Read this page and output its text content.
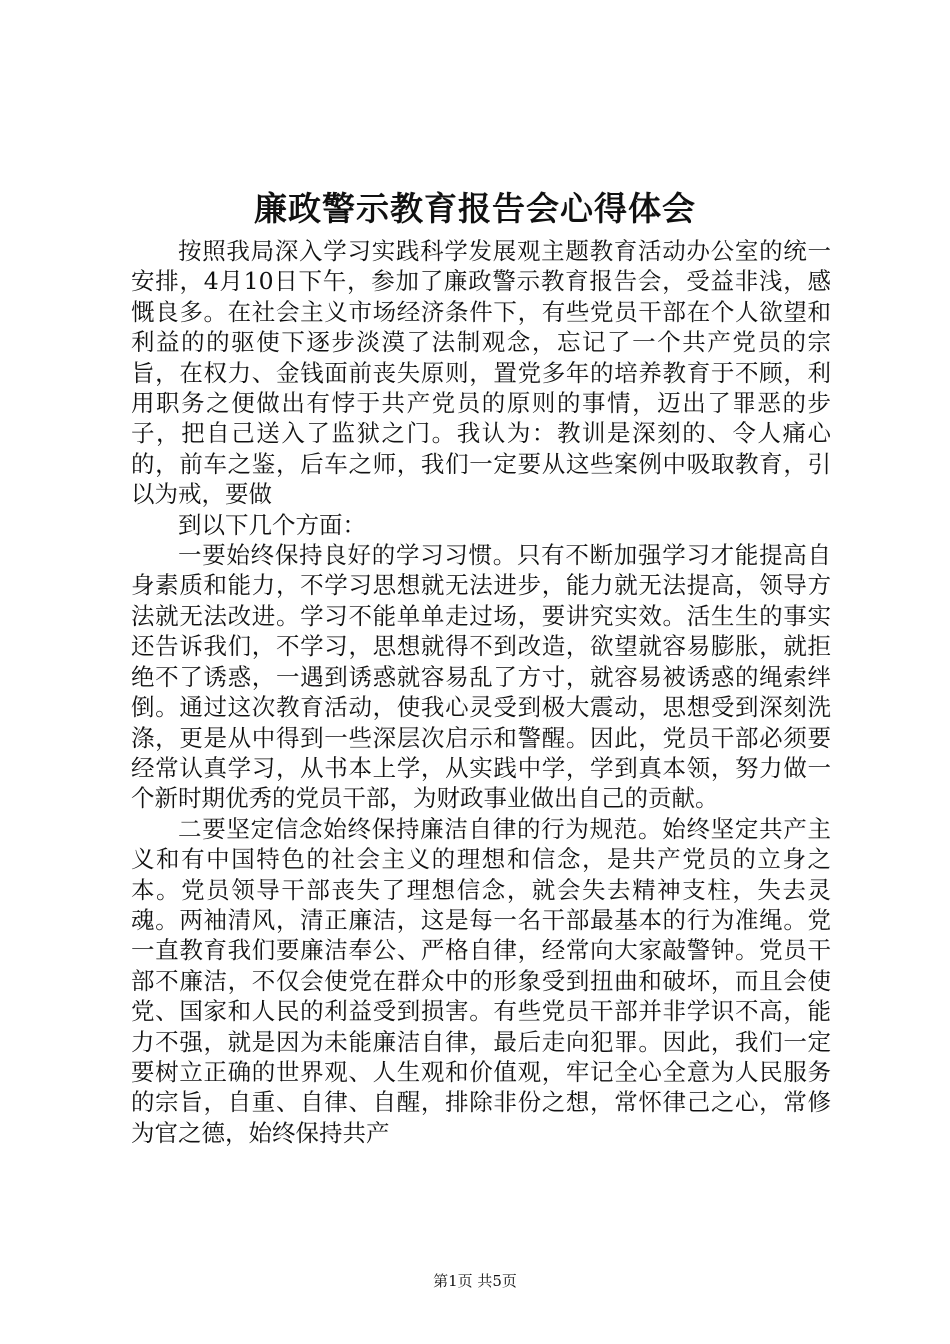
廉政警示教育报告会心得体会

按照我局深入学习实践科学发展观主题教育活动办公室的统一安排，4月10日下午，参加了廉政警示教育报告会，受益非浅，感慨良多。在社会主义市场经济条件下，有些党员干部在个人欲望和利益的的驱使下逐步淡漠了法制观念，忘记了一个共产党员的宗旨，在权力、金钱面前丧失原则，置党多年的培养教育于不顾，利用职务之便做出有悖于共产党员的原则的事情，迈出了罪恶的步子，把自己送入了监狱之门。我认为：教训是深刻的、令人痛心的，前车之鉴，后车之师，我们一定要从这些案例中吸取教育，引以为戒，要做

到以下几个方面：

一要始终保持良好的学习习惯。只有不断加强学习才能提高自身素质和能力，不学习思想就无法进步，能力就无法提高，领导方法就无法改进。学习不能单单走过场，要讲究实效。活生生的事实还告诉我们，不学习，思想就得不到改造，欲望就容易膨胀，就拒绝不了诱惑，一遇到诱惑就容易乱了方寸，就容易被诱惑的绳索绊倒。通过这次教育活动，使我心灵受到极大震动，思想受到深刻洗涤，更是从中得到一些深层次启示和警醒。因此，党员干部必须要经常认真学习，从书本上学，从实践中学，学到真本领，努力做一个新时期优秀的党员干部，为财政事业做出自己的贡献。

二要坚定信念始终保持廉洁自律的行为规范。始终坚定共产主义和有中国特色的社会主义的理想和信念，是共产党员的立身之本。党员领导干部丧失了理想信念，就会失去精神支柱，失去灵魂。两袖清风，清正廉洁，这是每一名干部最基本的行为准绳。党一直教育我们要廉洁奉公、严格自律，经常向大家敲警钟。党员干部不廉洁，不仅会使党在群众中的形象受到扭曲和破坏，而且会使党、国家和人民的利益受到损害。有些党员干部并非学识不高，能力不强，就是因为未能廉洁自律，最后走向犯罪。因此，我们一定要树立正确的世界观、人生观和价值观，牢记全心全意为人民服务的宗旨，自重、自律、自醒，排除非份之想，常怀律己之心，常修为官之德，始终保持共产

第1页 共5页
